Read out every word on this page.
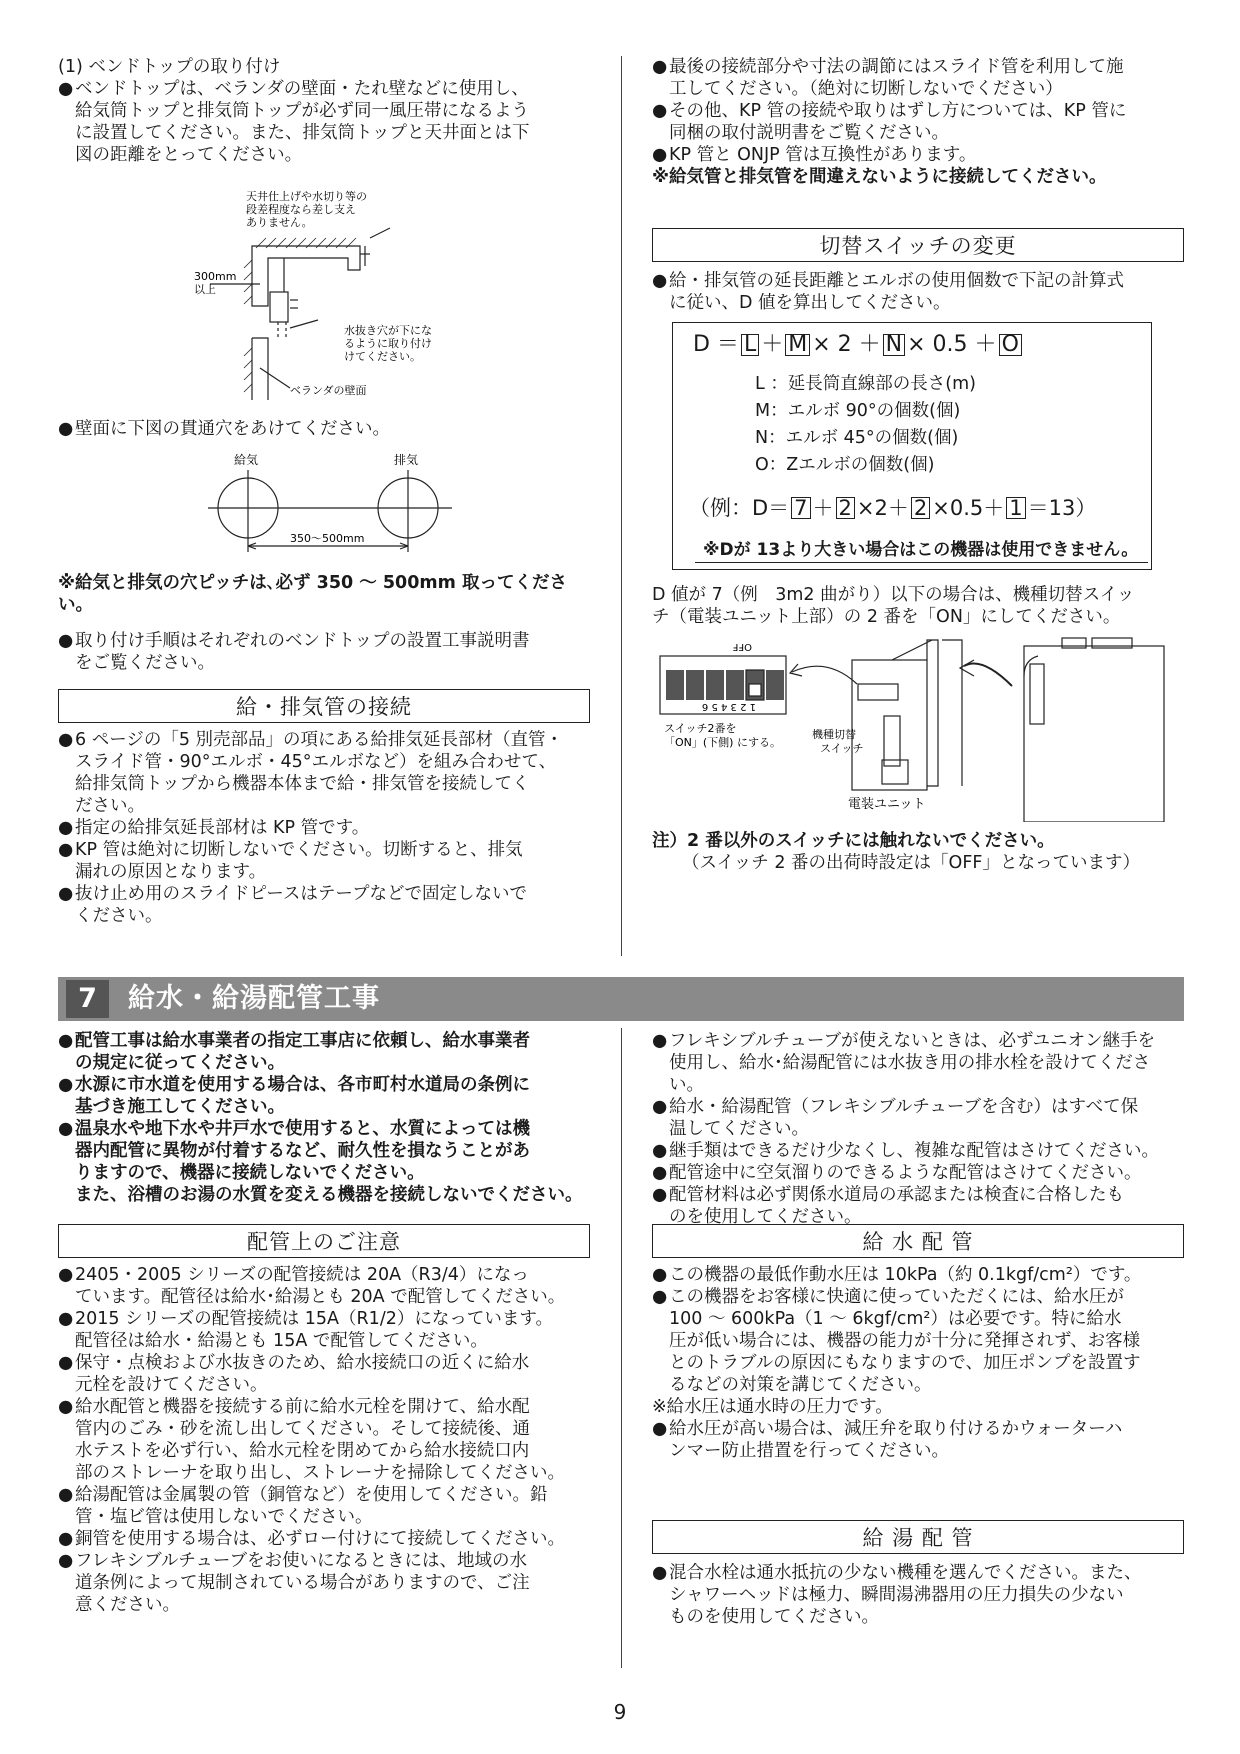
(1) ベンドトップの取り付け

● ベンドトップは、ベランダの壁面・たれ壁などに使用し、
給気筒トップと排気筒トップが必ず同一風圧帯になるよう
に設置してください。また、排気筒トップと天井面とは下
図の距離をとってください。
天井仕上げや水切り等の
段差程度なら差し支え
ありません。
300mm
以上
水抜き穴が下にな
るように取り付け
けてください。
ベランダの壁面
● 壁面に下図の貫通穴をあけてください。
給気	排気
350～500mm

※給気と排気の穴ピッチは､必ず 350 ～ 500mm 取ってください。

● 取り付け手順はそれぞれのベンドトップの設置工事説明書
をご覧ください。
給・排気管の接続
● 6 ページの「5 別売部品」の項にある給排気延長部材（直管・
スライド管・90°エルボ・45°エルボなど）を組み合わせて、
給排気筒トップから機器本体まで給・排気管を接続してく
ださい。
● 指定の給排気延長部材は KP 管です。
● KP 管は絶対に切断しないでください。切断すると、排気
漏れの原因となります。
● 抜け止め用のスライドピースはテープなどで固定しないで
ください。
● 最後の接続部分や寸法の調節にはスライド管を利用して施
工してください。（絶対に切断しないでください）
● その他、KP 管の接続や取りはずし方については、KP 管に
同梱の取付説明書をご覧ください。
● KP 管と ONJP 管は互換性があります。

※給気管と排気管を間違えないように接続してください。

切替スイッチの変更
● 給・排気管の延長距離とエルボの使用個数で下記の計算式
に従い、D 値を算出してください。
D ＝ L ＋ M × 2 ＋ N × 0.5 ＋ O
L ：延長筒直線部の長さ(m)
M：エルボ 90°の個数(個)
N：エルボ 45°の個数(個)
O：Zエルボの個数(個)
（例：D＝ 7 ＋ 2 ×2＋ 2 ×0.5＋ 1 ＝13）
※Dが 13より大きい場合はこの機器は使用できません。
D 値が 7（例　3m2 曲がり）以下の場合は、機種切替スイッ
チ（電装ユニット上部）の 2 番を「ON」にしてください。
OFF
1 2 3 4 5 6
スイッチ2番を
「ON」(下側) にする。
機種切替
スイッチ
電装ユニット
注）2 番以外のスイッチには触れないでください。
（スイッチ 2 番の出荷時設定は「OFF」となっています）
7	給水・給湯配管工事
● 配管工事は給水事業者の指定工事店に依頼し、給水事業者
の規定に従ってください。
● 水源に市水道を使用する場合は、各市町村水道局の条例に
基づき施工してください。
● 温泉水や地下水や井戸水で使用すると、水質によっては機
器内配管に異物が付着するなど、耐久性を損なうことがあ
りますので、機器に接続しないでください。
また、浴槽のお湯の水質を変える機器を接続しないでください。
● フレキシブルチューブが使えないときは、必ずユニオン継手を
使用し、給水･給湯配管には水抜き用の排水栓を設けてください。
● 給水・給湯配管（フレキシブルチューブを含む）はすべて保
温してください。
● 継手類はできるだけ少なくし、複雑な配管はさけてください。
● 配管途中に空気溜りのできるような配管はさけてください。
● 配管材料は必ず関係水道局の承認または検査に合格したも
のを使用してください。
配管上のご注意
● 2405・2005 シリーズの配管接続は 20A（R3/4）になっ
ています。配管径は給水･給湯とも 20A で配管してください。
● 2015 シリーズの配管接続は 15A（R1/2）になっています。
配管径は給水・給湯とも 15A で配管してください。
● 保守・点検および水抜きのため、給水接続口の近くに給水
元栓を設けてください。
● 給水配管と機器を接続する前に給水元栓を開けて、給水配
管内のごみ・砂を流し出してください。そして接続後、通
水テストを必ず行い、給水元栓を閉めてから給水接続口内
部のストレーナを取り出し、ストレーナを掃除してください。
● 給湯配管は金属製の管（銅管など）を使用してください。鉛
管・塩ビ管は使用しないでください。
● 銅管を使用する場合は、必ずロー付けにて接続してください。
● フレキシブルチューブをお使いになるときには、地域の水
道条例によって規制されている場合がありますので、ご注
意ください。
給 水 配 管
● この機器の最低作動水圧は 10kPa（約 0.1kgf/cm²）です。
● この機器をお客様に快適に使っていただくには、給水圧が
100 ～ 600kPa（1 ～ 6kgf/cm²）は必要です。特に給水
圧が低い場合には、機器の能力が十分に発揮されず、お客様
とのトラブルの原因にもなりますので、加圧ポンプを設置す
るなどの対策を講じてください。
※給水圧は通水時の圧力です。
● 給水圧が高い場合は、減圧弁を取り付けるかウォーターハ
ンマー防止措置を行ってください。
給 湯 配 管
● 混合水栓は通水抵抗の少ない機種を選んでください。また、
シャワーヘッドは極力、瞬間湯沸器用の圧力損失の少ない
ものを使用してください。
9
